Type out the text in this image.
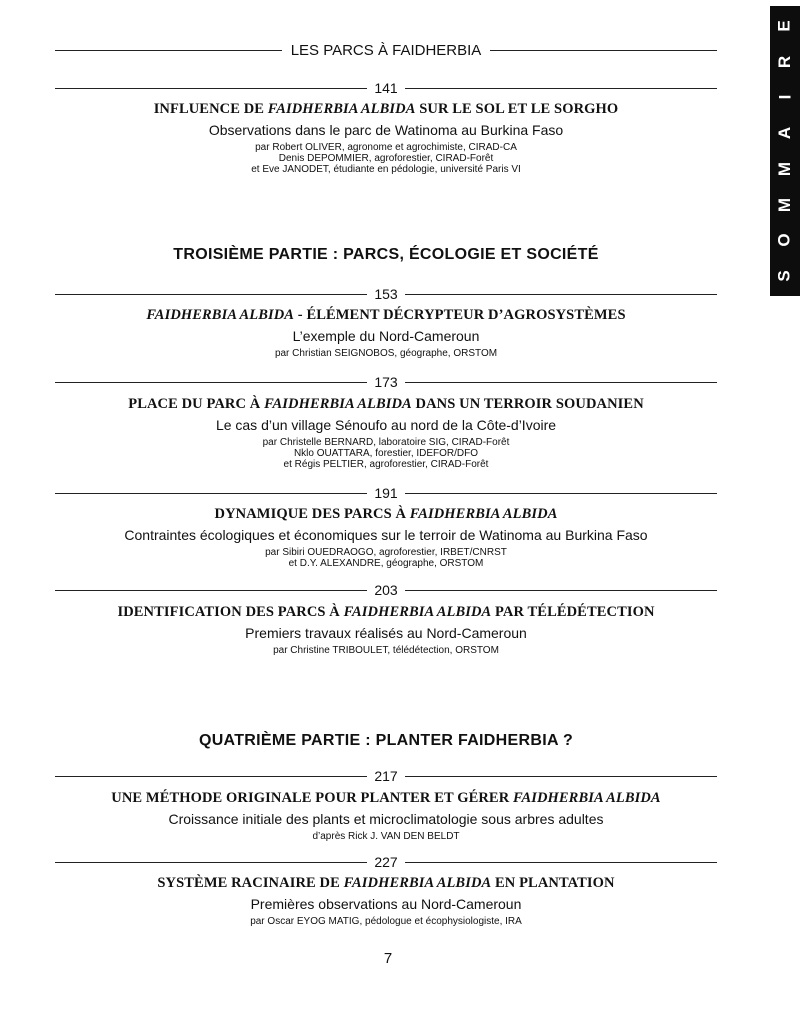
LES PARCS À FAIDHERBIA
S
O
M
M
A
I
R
E
141
INFLUENCE DE FAIDHERBIA ALBIDA SUR LE SOL ET LE SORGHO
Observations dans le parc de Watinoma au Burkina Faso
par Robert OLIVER, agronome et agrochimiste, CIRAD-CA
Denis DEPOMMIER, agroforestier, CIRAD-Forêt
et Eve JANODET, étudiante en pédologie, université Paris VI
TROISIÈME PARTIE : PARCS, ÉCOLOGIE ET SOCIÉTÉ
153
FAIDHERBIA ALBIDA - ÉLÉMENT DÉCRYPTEUR D’AGROSYSTÈMES
L’exemple du Nord-Cameroun
par Christian SEIGNOBOS, géographe, ORSTOM
173
PLACE DU PARC À FAIDHERBIA ALBIDA DANS UN TERROIR SOUDANIEN
Le cas d’un village Sénoufo au nord de la Côte-d’Ivoire
par Christelle BERNARD, laboratoire SIG, CIRAD-Forêt
Nklo OUATTARA, forestier, IDEFOR/DFO
et Régis PELTIER, agroforestier, CIRAD-Forêt
191
DYNAMIQUE DES PARCS À FAIDHERBIA ALBIDA
Contraintes écologiques et économiques sur le terroir de Watinoma au Burkina Faso
par Sibiri OUEDRAOGO, agroforestier, IRBET/CNRST
et D.Y. ALEXANDRE, géographe, ORSTOM
203
IDENTIFICATION DES PARCS À FAIDHERBIA ALBIDA PAR TÉLÉDÉTECTION
Premiers travaux réalisés au Nord-Cameroun
par Christine TRIBOULET, télédétection, ORSTOM
QUATRIÈME PARTIE : PLANTER FAIDHERBIA ?
217
UNE MÉTHODE ORIGINALE POUR PLANTER ET GÉRER FAIDHERBIA ALBIDA
Croissance initiale des plants et microclimatologie sous arbres adultes
d’après Rick J. VAN DEN BELDT
227
SYSTÈME RACINAIRE DE FAIDHERBIA ALBIDA EN PLANTATION
Premières observations au Nord-Cameroun
par Oscar EYOG MATIG, pédologue et écophysiologiste, IRA
7
